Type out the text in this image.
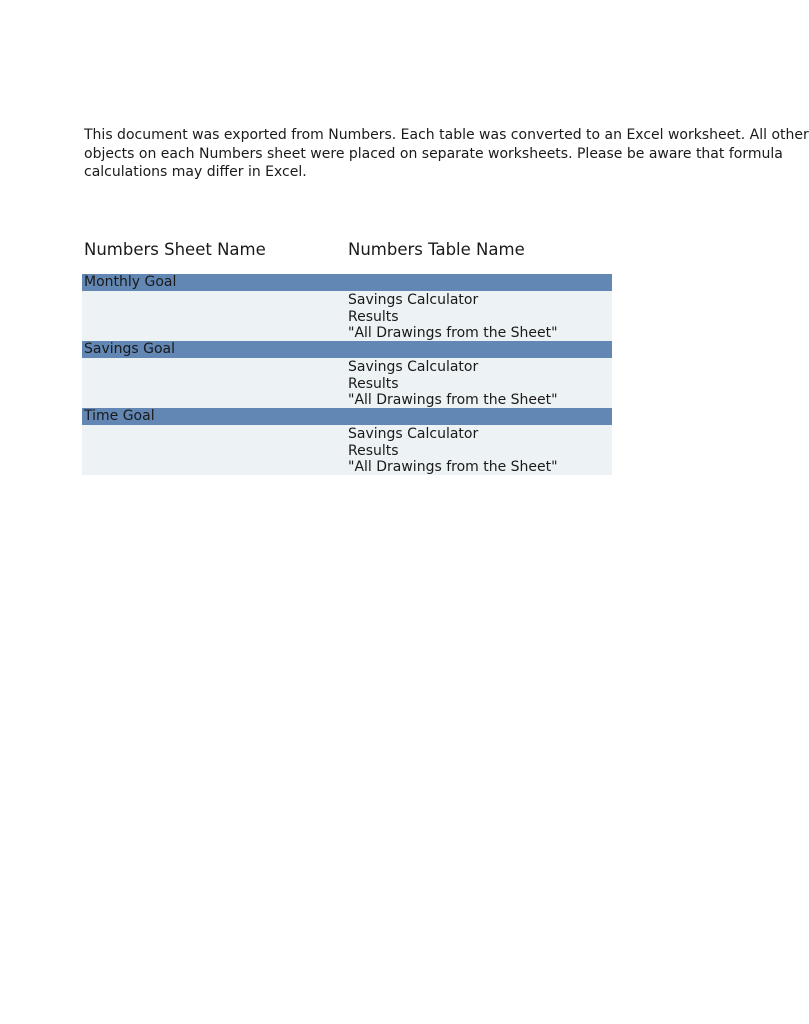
This document was exported from Numbers. Each table was converted to an Excel worksheet. All other
objects on each Numbers sheet were placed on separate worksheets. Please be aware that formula
calculations may differ in Excel.
Numbers Sheet Name	Numbers Table Name
Monthly Goal
Savings Calculator
Results
"All Drawings from the Sheet"
Savings Goal
Savings Calculator
Results
"All Drawings from the Sheet"
Time Goal
Savings Calculator
Results
"All Drawings from the Sheet"
